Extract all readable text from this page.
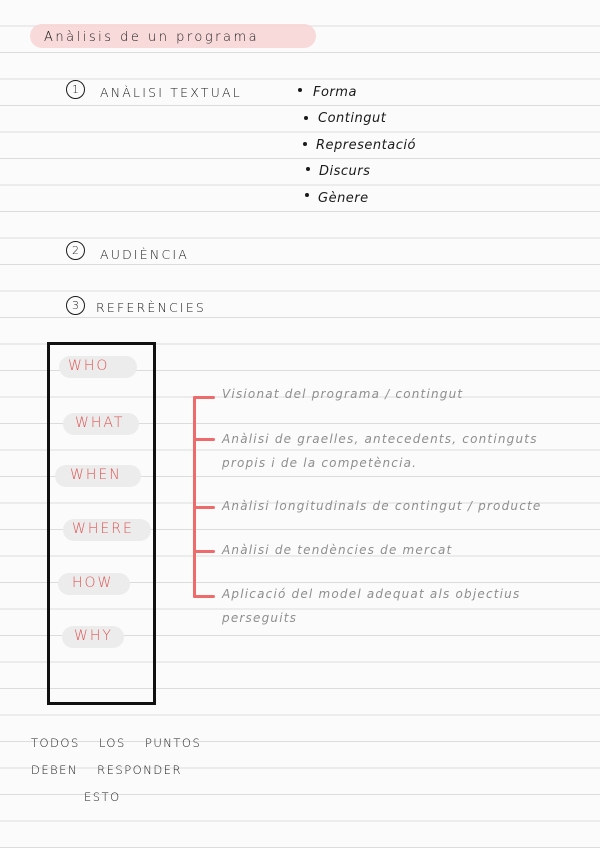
Anàlisis de un programa
1	ANÀLISI TEXTUAL	Forma
Contingut
Representació
Discurs
Gènere
2	AUDIÈNCIA
3	REFERÈNCIES
WHO
WHAT
WHEN
WHERE
HOW
WHY
Visionat del programa / contingut
Anàlisi de graelles, antecedents, continguts
propis i de la competència.
Anàlisi longitudinals de contingut / producte
Anàlisi de tendències de mercat
Aplicació del model adequat als objectius
perseguits
TODOS LOS PUNTOS
DEBEN RESPONDER
ESTO
